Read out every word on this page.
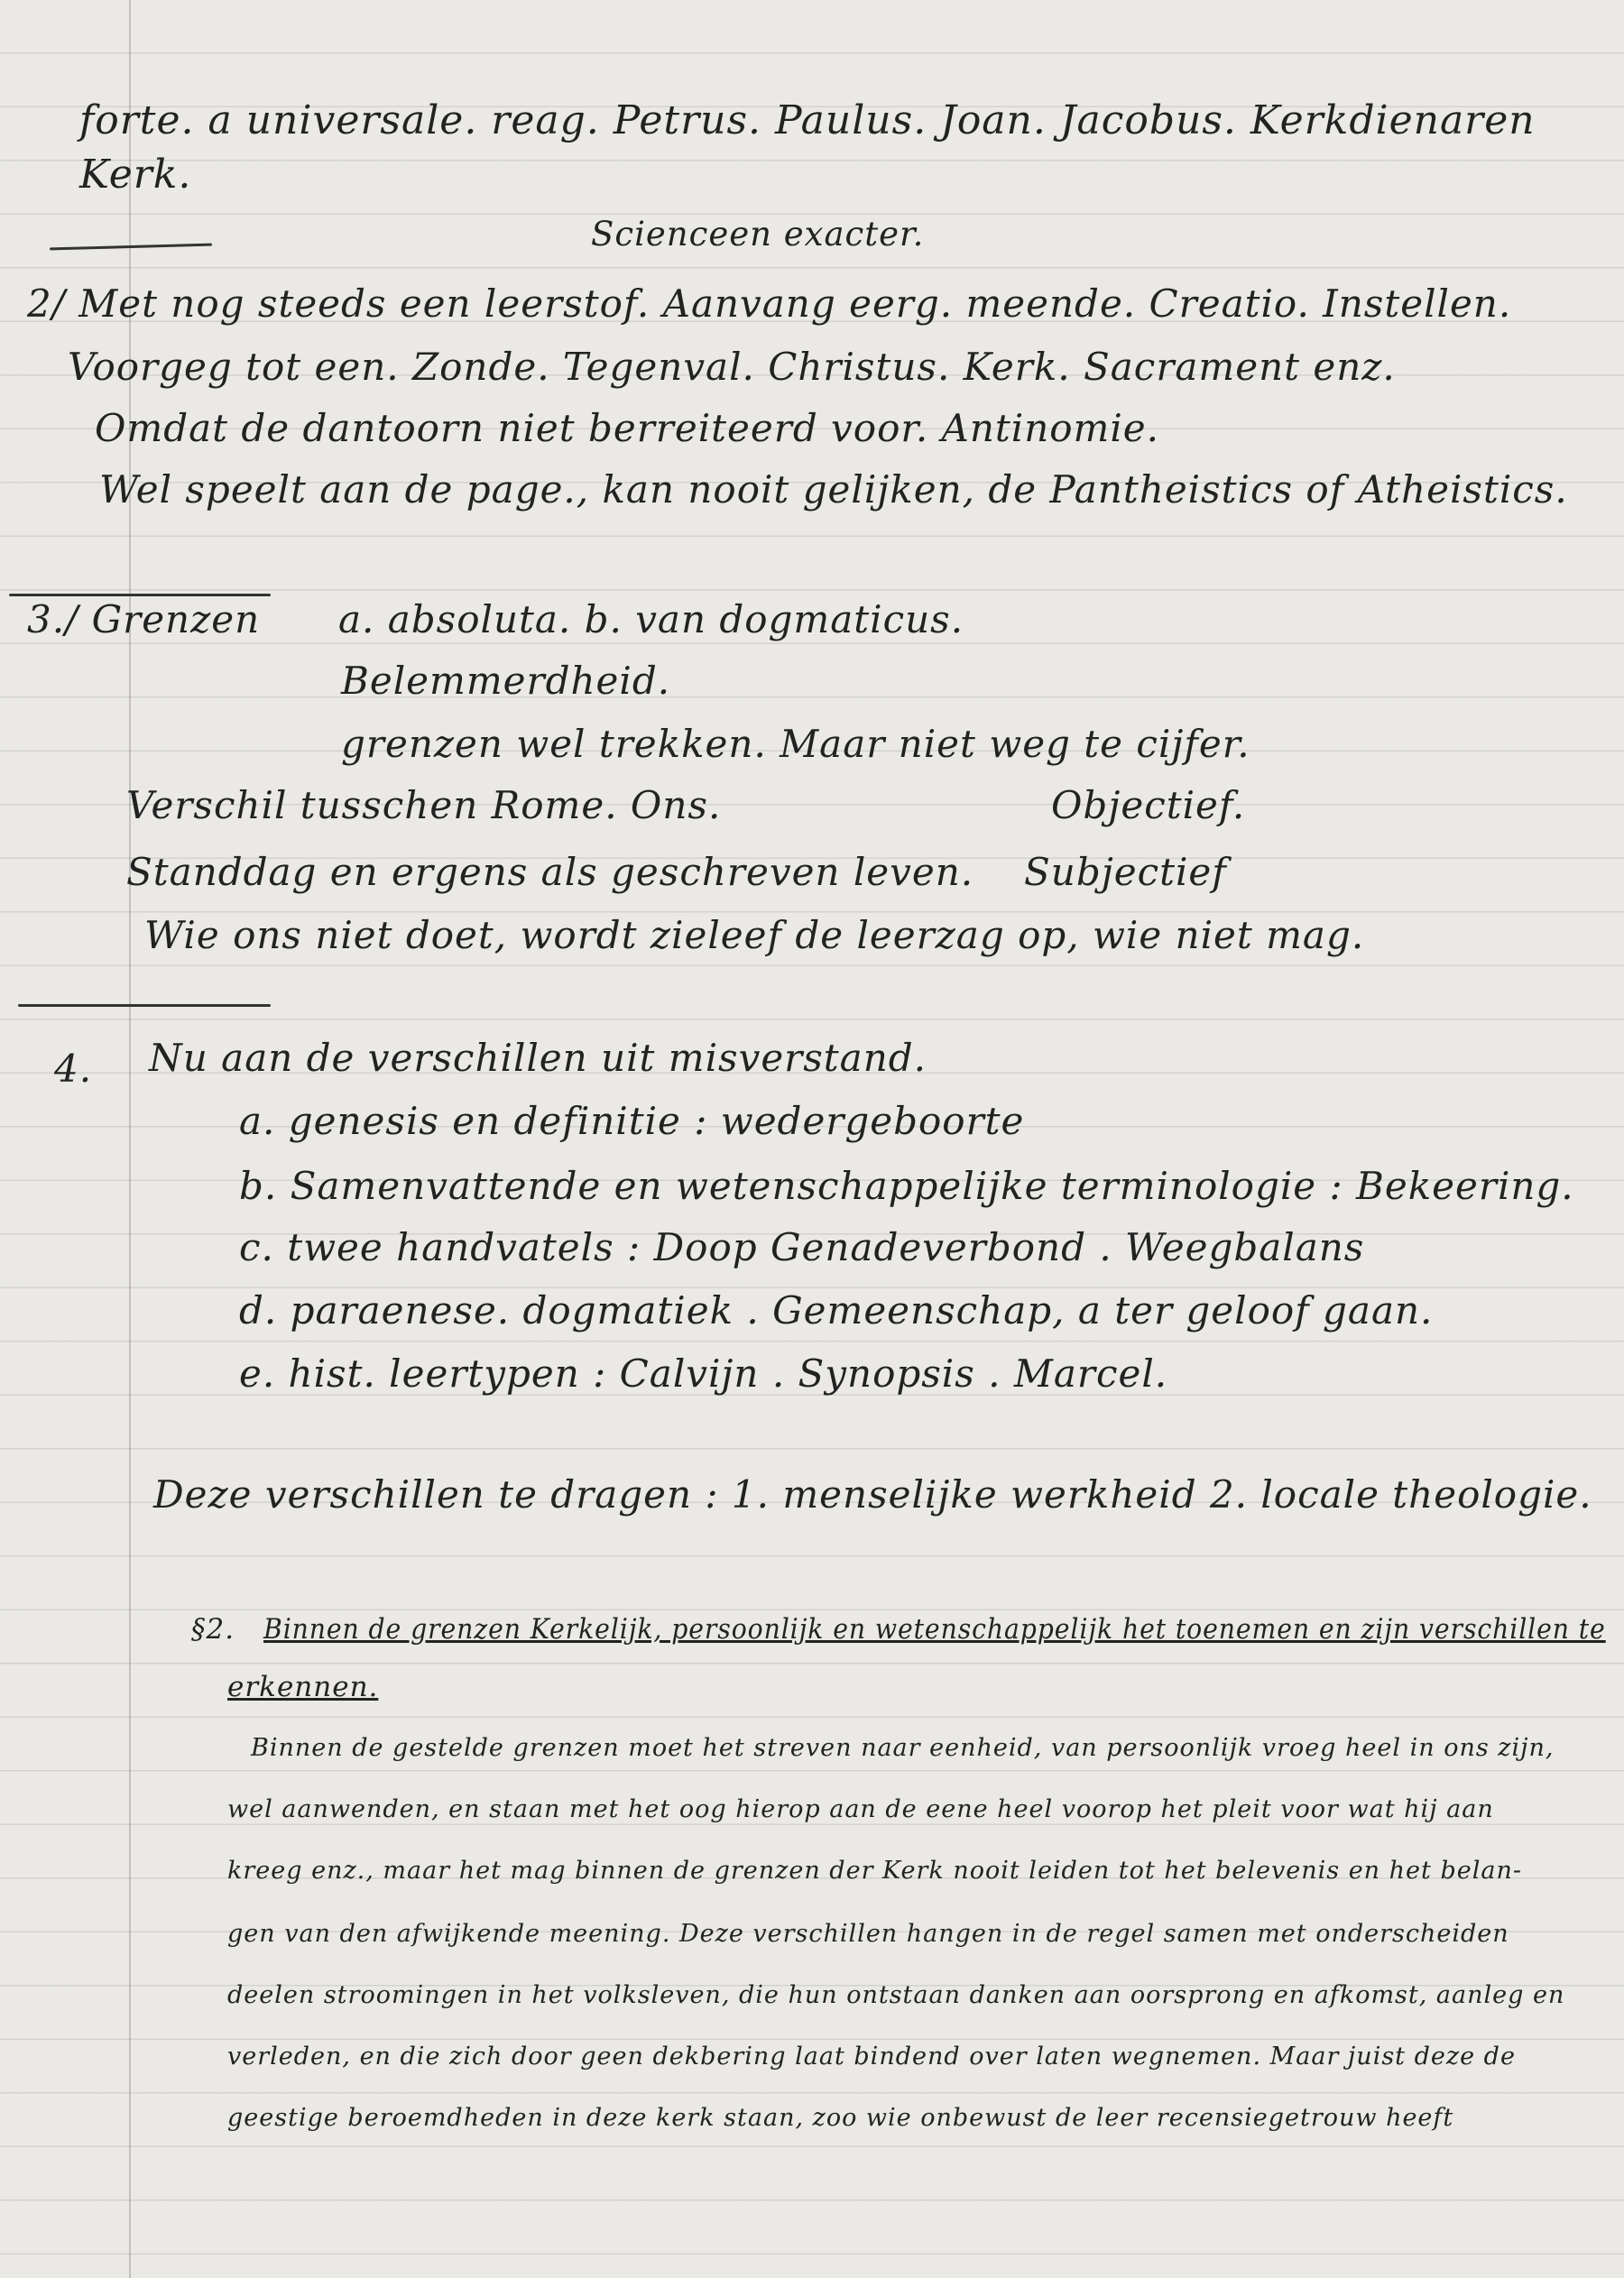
forte. a universale. reag. Petrus. Paulus. Joan. Jacobus. Kerkdienaren
Kerk.
Scienceen exacter.
2/ Met nog steeds een leerstof. Aanvang eerg. meende. Creatio. Instellen.
Voorgeg tot een. Zonde. Tegenval. Christus. Kerk. Sacrament enz.
Omdat de dantoorn niet berreiteerd voor. Antinomie.
Wel speelt aan de page., kan nooit gelijken, de Pantheistics of Atheistics.
3./ Grenzen a. absoluta. b. van dogmaticus.
Belemmerdheid.
grenzen wel trekken. Maar niet weg te cijfer.
Verschil tusschen Rome. Ons.	Objectief.
Standdag en ergens als geschreven leven. Subjectief
Wie ons niet doet, wordt zieleef de leerzag op, wie niet mag.
4. Nu aan de verschillen uit misverstand.
a. genesis en definitie : wedergeboorte
b. Samenvattende en wetenschappelijke terminologie : Bekeering.
c. twee handvatels : Doop Genadeverbond . Weegbalans
d. paraenese. dogmatiek . Gemeenschap, a ter geloof gaan.
e. hist. leertypen : Calvijn . Synopsis . Marcel.
Deze verschillen te dragen : 1. menselijke werkheid 2. locale theologie.
§2. Binnen de grenzen Kerkelijk, persoonlijk en wetenschappelijk het toenemen en zijn verschillen te
erkennen.
Binnen de gestelde grenzen moet het streven naar eenheid, van persoonlijk vroeg heel in ons zijn,
wel aanwenden, en staan met het oog hierop aan de eene heel voorop het pleit voor wat hij aan
kreeg enz., maar het mag binnen de grenzen der Kerk nooit leiden tot het belevenis en het belan-
gen van den afwijkende meening. Deze verschillen hangen in de regel samen met onderscheiden
deelen stroomingen in het volksleven, die hun ontstaan danken aan oorsprong en afkomst, aanleg en
verleden, en die zich door geen dekbering laat bindend over laten wegnemen. Maar juist deze de
geestige beroemdheden in deze kerk staan, zoo wie onbewust de leer recensiegetrouw heeft
